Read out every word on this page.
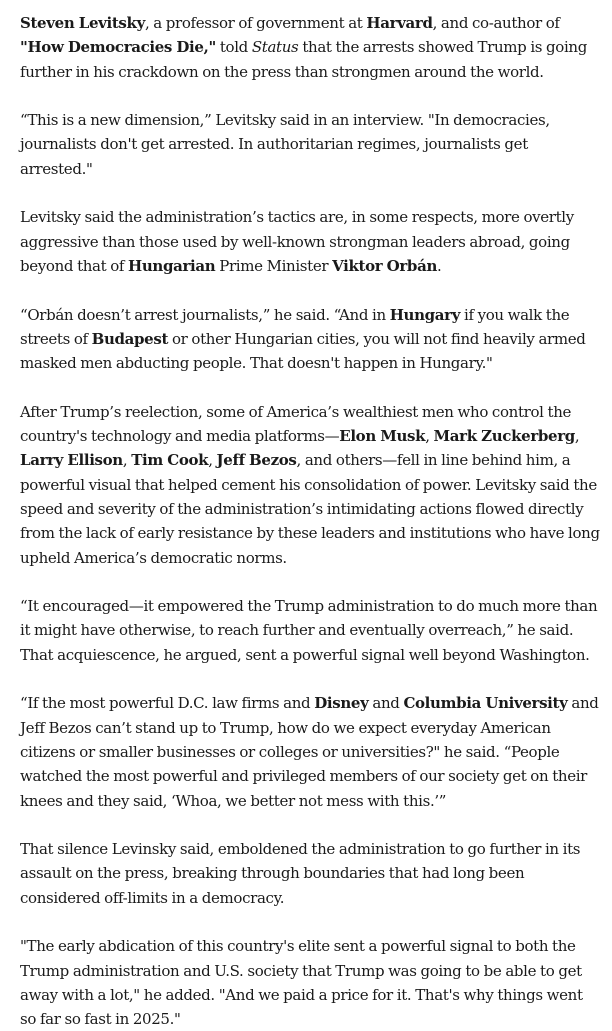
Steven Levitsky, a professor of government at Harvard, and co-author of "How Democracies Die," told Status that the arrests showed Trump is going further in his crackdown on the press than strongmen around the world.

“This is a new dimension,” Levitsky said in an interview. "In democracies, journalists don't get arrested. In authoritarian regimes, journalists get arrested."

Levitsky said the administration’s tactics are, in some respects, more overtly aggressive than those used by well-known strongman leaders abroad, going beyond that of Hungarian Prime Minister Viktor Orbán.

“Orbán doesn’t arrest journalists,” he said. “And in Hungary if you walk the streets of Budapest or other Hungarian cities, you will not find heavily armed masked men abducting people. That doesn't happen in Hungary."

After Trump’s reelection, some of America’s wealthiest men who control the country's technology and media platforms—Elon Musk, Mark Zuckerberg, Larry Ellison, Tim Cook, Jeff Bezos, and others—fell in line behind him, a powerful visual that helped cement his consolidation of power. Levitsky said the speed and severity of the administration’s intimidating actions flowed directly from the lack of early resistance by these leaders and institutions who have long upheld America’s democratic norms.

“It encouraged—it empowered the Trump administration to do much more than it might have otherwise, to reach further and eventually overreach,” he said. That acquiescence, he argued, sent a powerful signal well beyond Washington.

“If the most powerful D.C. law firms and Disney and Columbia University and Jeff Bezos can’t stand up to Trump, how do we expect everyday American citizens or smaller businesses or colleges or universities?" he said. “People watched the most powerful and privileged members of our society get on their knees and they said, ‘Whoa, we better not mess with this.’”

That silence Levinsky said, emboldened the administration to go further in its assault on the press, breaking through boundaries that had long been considered off-limits in a democracy.

"The early abdication of this country's elite sent a powerful signal to both the Trump administration and U.S. society that Trump was going to be able to get away with a lot," he added. "And we paid a price for it. That's why things went so far so fast in 2025."
